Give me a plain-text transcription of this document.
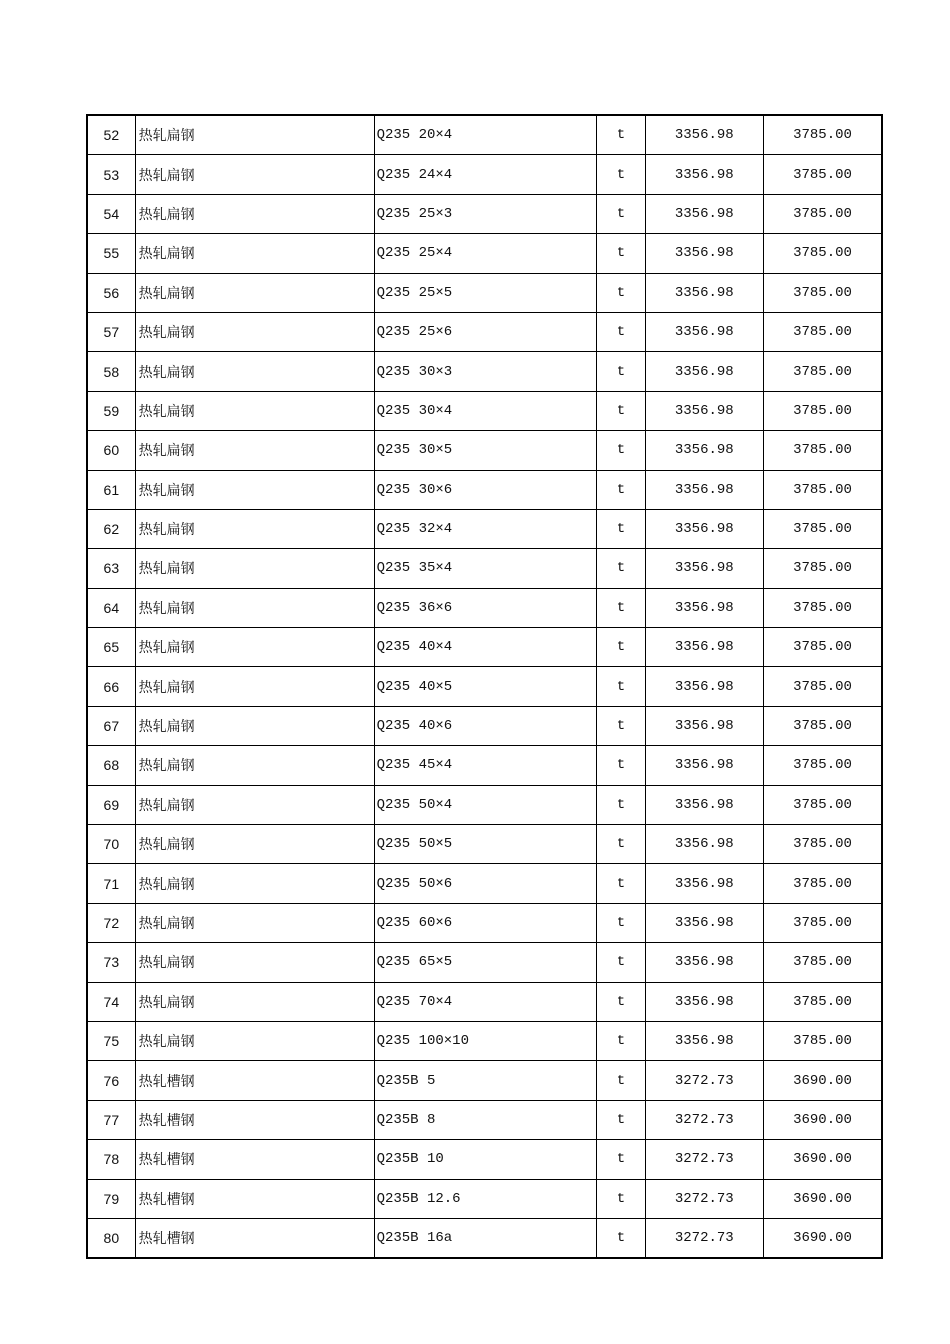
52	热轧扁钢	Q235 20×4	t	3356.98	3785.00
53	热轧扁钢	Q235 24×4	t	3356.98	3785.00
54	热轧扁钢	Q235 25×3	t	3356.98	3785.00
55	热轧扁钢	Q235 25×4	t	3356.98	3785.00
56	热轧扁钢	Q235 25×5	t	3356.98	3785.00
57	热轧扁钢	Q235 25×6	t	3356.98	3785.00
58	热轧扁钢	Q235 30×3	t	3356.98	3785.00
59	热轧扁钢	Q235 30×4	t	3356.98	3785.00
60	热轧扁钢	Q235 30×5	t	3356.98	3785.00
61	热轧扁钢	Q235 30×6	t	3356.98	3785.00
62	热轧扁钢	Q235 32×4	t	3356.98	3785.00
63	热轧扁钢	Q235 35×4	t	3356.98	3785.00
64	热轧扁钢	Q235 36×6	t	3356.98	3785.00
65	热轧扁钢	Q235 40×4	t	3356.98	3785.00
66	热轧扁钢	Q235 40×5	t	3356.98	3785.00
67	热轧扁钢	Q235 40×6	t	3356.98	3785.00
68	热轧扁钢	Q235 45×4	t	3356.98	3785.00
69	热轧扁钢	Q235 50×4	t	3356.98	3785.00
70	热轧扁钢	Q235 50×5	t	3356.98	3785.00
71	热轧扁钢	Q235 50×6	t	3356.98	3785.00
72	热轧扁钢	Q235 60×6	t	3356.98	3785.00
73	热轧扁钢	Q235 65×5	t	3356.98	3785.00
74	热轧扁钢	Q235 70×4	t	3356.98	3785.00
75	热轧扁钢	Q235 100×10	t	3356.98	3785.00
76	热轧槽钢	Q235B 5	t	3272.73	3690.00
77	热轧槽钢	Q235B 8	t	3272.73	3690.00
78	热轧槽钢	Q235B 10	t	3272.73	3690.00
79	热轧槽钢	Q235B 12.6	t	3272.73	3690.00
80	热轧槽钢	Q235B 16a	t	3272.73	3690.00
